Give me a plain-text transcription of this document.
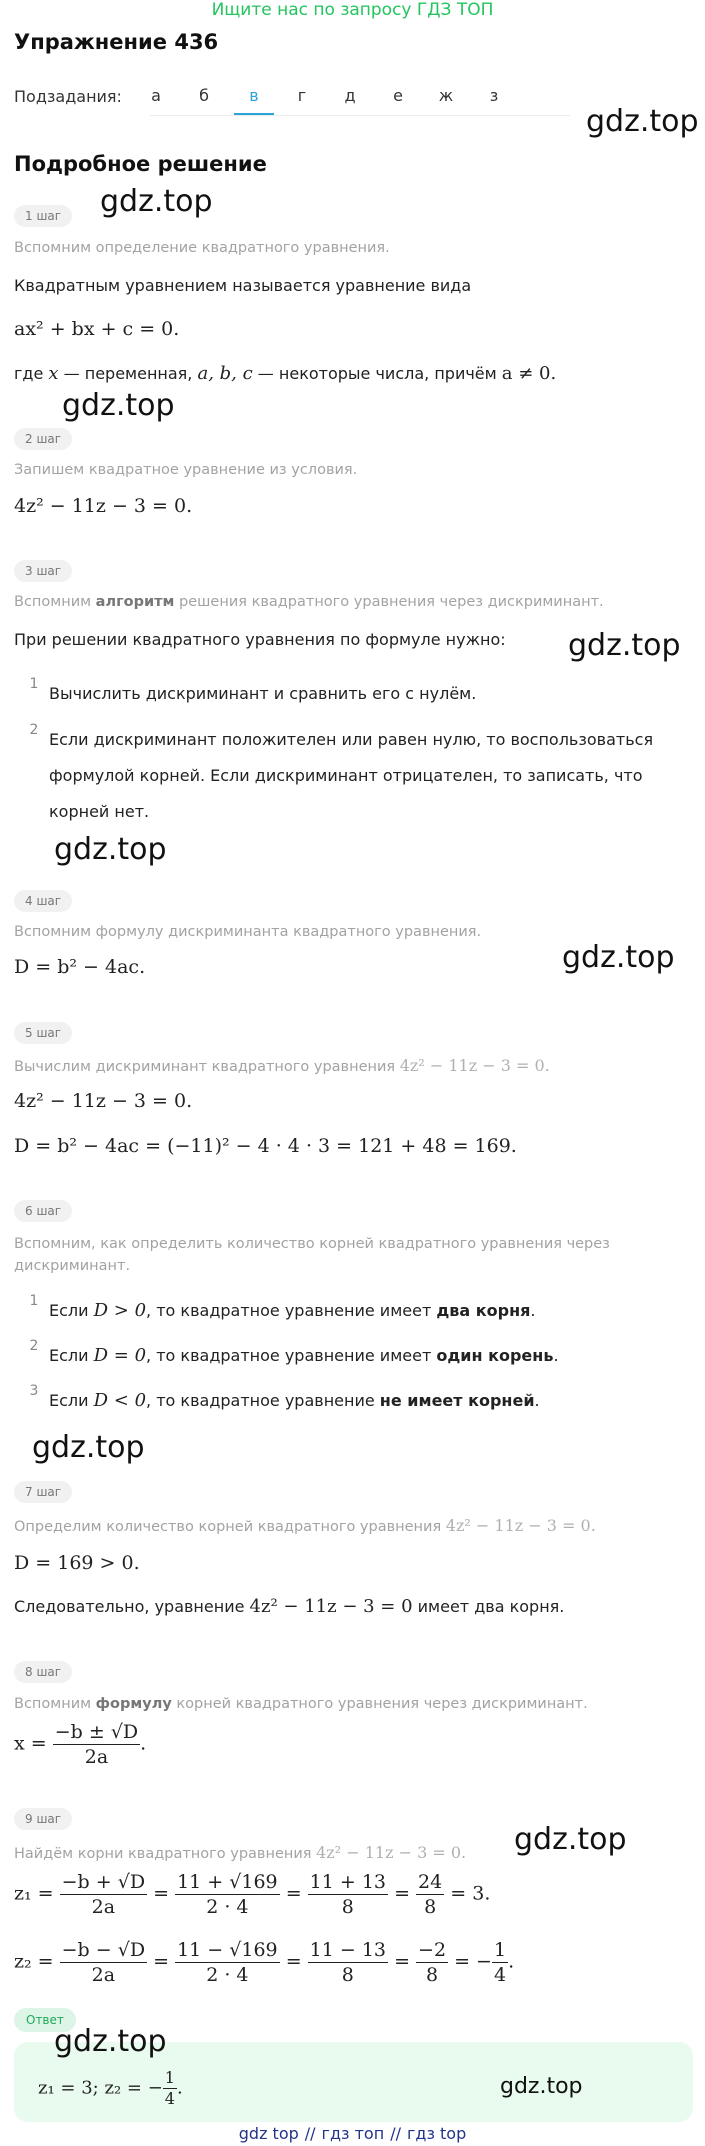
Ищите нас по запросу ГДЗ ТОП
Упражнение 436
Подзадания:	а	б	в	г	д	е	ж	з
gdz.top
Подробное решение
1 шаг	gdz.top
Вспомним определение квадратного уравнения.
Квадратным уравнением называется уравнение вида
ax² + bx + c = 0.
где x — переменная, a, b, c — некоторые числа, причём a ≠ 0.
gdz.top
2 шаг
Запишем квадратное уравнение из условия.
4z² − 11z − 3 = 0.
3 шаг
Вспомним алгоритм решения квадратного уравнения через дискриминант.
При решении квадратного уравнения по формуле нужно: gdz.top
1 Вычислить дискриминант и сравнить его с нулём.
2 Если дискриминант положителен или равен нулю, то воспользоваться
формулой корней. Если дискриминант отрицателен, то записать, что
корней нет.
gdz.top
4 шаг
Вспомним формулу дискриминанта квадратного уравнения.
gdz.top
D = b² − 4ac.
5 шаг
Вычислим дискриминант квадратного уравнения 4z² − 11z − 3 = 0.
4z² − 11z − 3 = 0.
D = b² − 4ac = (−11)² − 4 · 4 · 3 = 121 + 48 = 169.
6 шаг
Вспомним, как определить количество корней квадратного уравнения через
дискриминант.
1 Если D > 0, то квадратное уравнение имеет два корня.
2 Если D = 0, то квадратное уравнение имеет один корень.
3 Если D < 0, то квадратное уравнение не имеет корней.
gdz.top
7 шаг
Определим количество корней квадратного уравнения 4z² − 11z − 3 = 0.
D = 169 > 0.
Следовательно, уравнение 4z² − 11z − 3 = 0 имеет два корня.
8 шаг
Вспомним формулу корней квадратного уравнения через дискриминант.
$x = \frac{-b \pm √D}{2a}$ .
9 шаг
gdz.top
Найдём корни квадратного уравнения 4z² − 11z − 3 = 0.
$z_1 = \frac{-b + √D}{2a} = \frac{11 + √169}{2 \cdot 4} = \frac{11 + 13}{8} = \frac{24}{8} = 3$.
$z_2 = \frac{-b - √D}{2a} = \frac{11 - √169}{2 \cdot 4} = \frac{11 - 13}{8} = \frac{-2}{8}$ = − $\frac{1}{4}$ .
Ответ
gdz.top
z₁ = 3; z₂ = − $\frac{1}{4}$ .	gdz.top
gdz top // гдз топ // гдз top
